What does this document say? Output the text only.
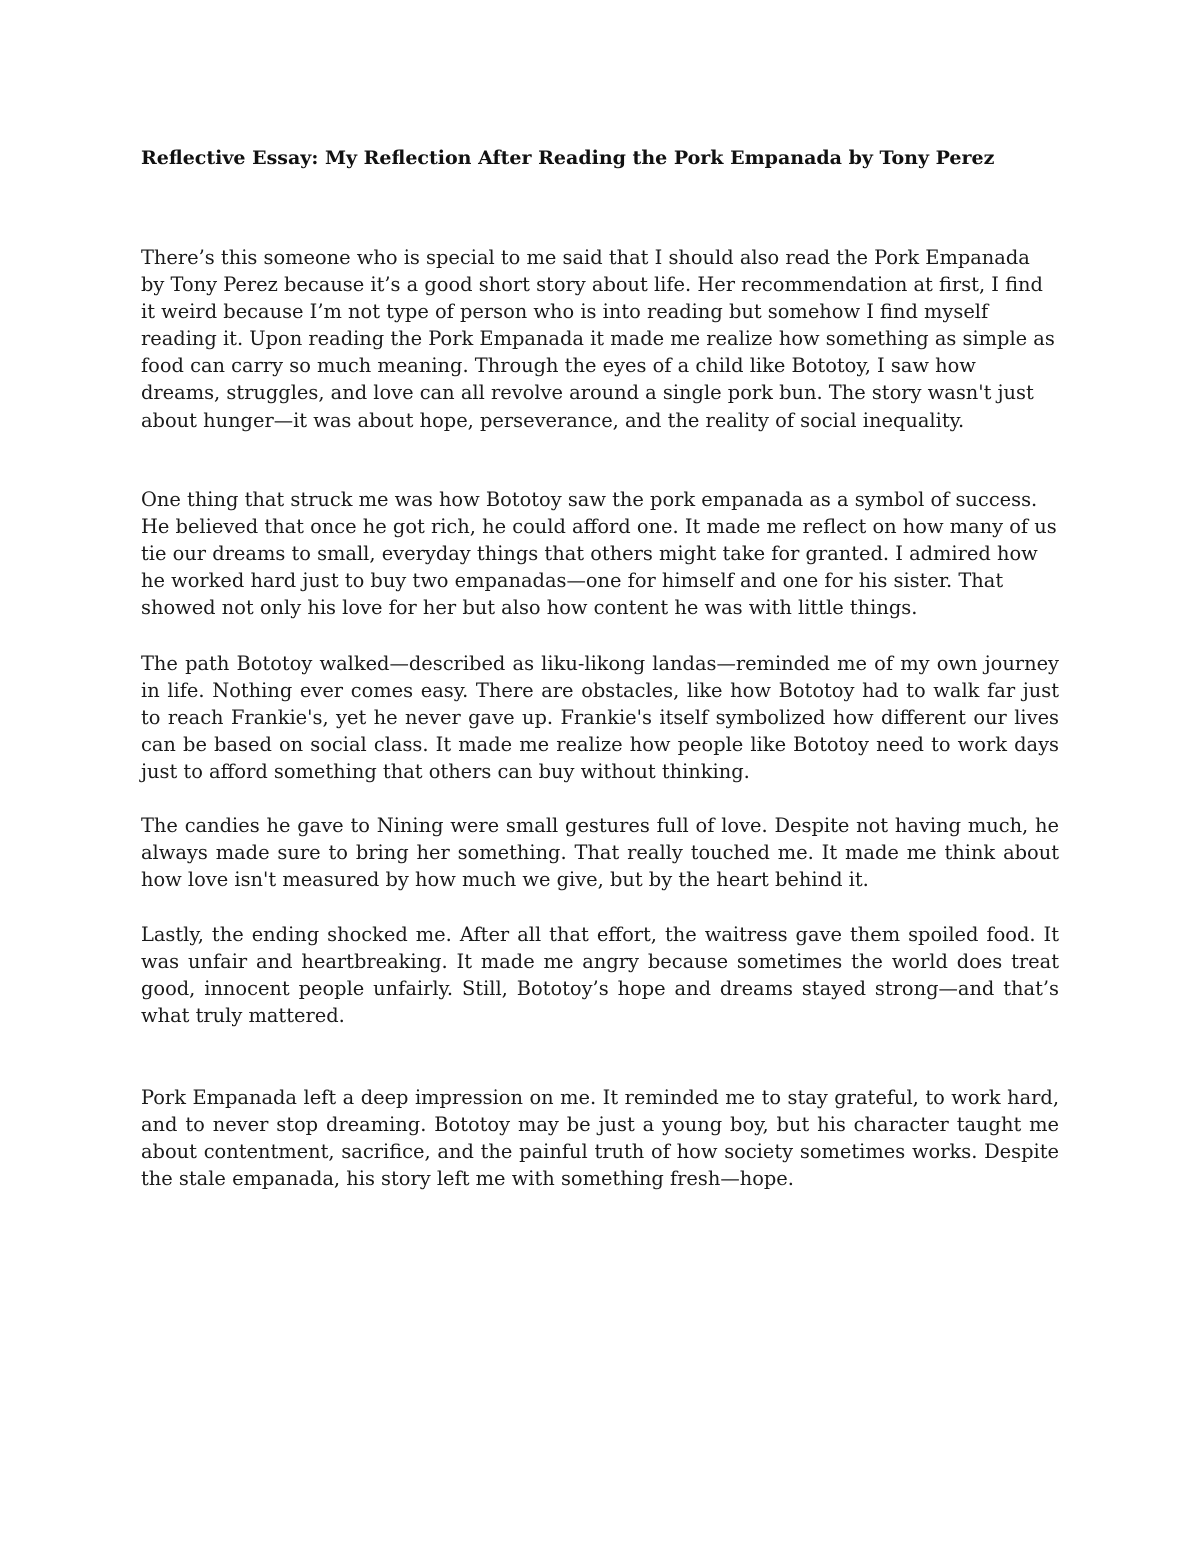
Reflective Essay: My Reflection After Reading the Pork Empanada by Tony Perez

There’s this someone who is special to me said that I should also read the Pork Empanada by Tony Perez because it’s a good short story about life. Her recommendation at first, I find it weird because I’m not type of person who is into reading but somehow I find myself reading it. Upon reading the Pork Empanada it made me realize how something as simple as food can carry so much meaning. Through the eyes of a child like Bototoy, I saw how dreams, struggles, and love can all revolve around a single pork bun. The story wasn't just about hunger—it was about hope, perseverance, and the reality of social inequality.

One thing that struck me was how Bototoy saw the pork empanada as a symbol of success. He believed that once he got rich, he could afford one. It made me reflect on how many of us tie our dreams to small, everyday things that others might take for granted. I admired how he worked hard just to buy two empanadas—one for himself and one for his sister. That showed not only his love for her but also how content he was with little things.

The path Bototoy walked—described as liku-likong landas—reminded me of my own journey in life. Nothing ever comes easy. There are obstacles, like how Bototoy had to walk far just to reach Frankie's, yet he never gave up. Frankie's itself symbolized how different our lives can be based on social class. It made me realize how people like Bototoy need to work days just to afford something that others can buy without thinking.

The candies he gave to Nining were small gestures full of love. Despite not having much, he always made sure to bring her something. That really touched me. It made me think about how love isn't measured by how much we give, but by the heart behind it.

Lastly, the ending shocked me. After all that effort, the waitress gave them spoiled food. It was unfair and heartbreaking. It made me angry because sometimes the world does treat good, innocent people unfairly. Still, Bototoy’s hope and dreams stayed strong—and that’s what truly mattered.

Pork Empanada left a deep impression on me. It reminded me to stay grateful, to work hard, and to never stop dreaming. Bototoy may be just a young boy, but his character taught me about contentment, sacrifice, and the painful truth of how society sometimes works. Despite the stale empanada, his story left me with something fresh—hope.
